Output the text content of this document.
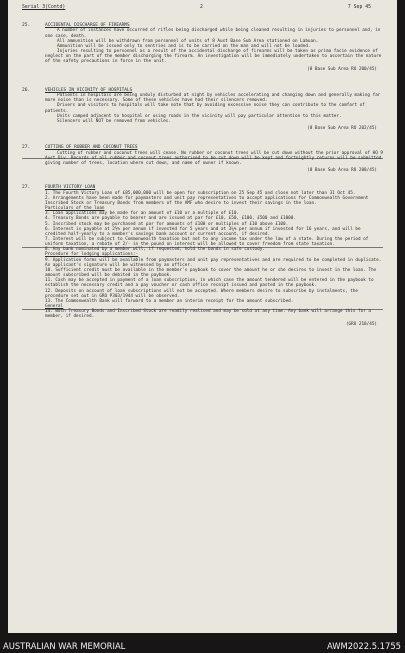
Serial 3(Contd)	2	7 Sep 45
25.	ACCIDENTAL DISCHARGE OF FIREARMS
A number of instances have occurred of rifles being discharged while being cleaned resulting in injuries to personnel and, in one case, death.
All ammunition will be withdrawn from personnel of units of 8 Aust Base Sub Area stationed on Labuan.
Ammunition will be issued only to sentries and is to be carried on the man and will not be loaded.
Injuries resulting to personnel as a result of the accidental discharge of firearms will be taken as prima facie evidence of neglect on the part of the member discharging the firearm. An investigation will be immediately undertaken to ascertain the nature of the safety precautions in force in the unit.
(8 Base Sub Area RO 200/45)
26.	VEHICLES IN VICINITY OF HOSPITALS
Patients in hospitals are being unduly disturbed at night by vehicles accelerating and changing down and generally making far more noise than is necessary. Some of these vehicles have had their silencers removed.
Drivers and visitors to hospitals will take note that by avoiding excessive noise they can contribute to the comfort of patients.
Units camped adjacent to hospital or using roads in the vicinity will pay particular attention to this matter.
Silencers will NOT be removed from vehicles.
(8 Base Sub Area RO 202/45)
27.	CUTTING OF RUBBER AND COCONUT TREES
Cutting of rubber and coconut trees will cease. No rubber or coconut trees will be cut down without the prior approval of HQ 9 Aust Div. Records of all rubber and coconut trees authorised to be cut down will be kept and fortnightly returns will be submitted giving number of trees, location where cut down, and name of owner if known.
(8 Base Sub Area RO 208/45)
27.	FOURTH VICTORY LOAN
1. The Fourth Victory Loan of £85,000,000 will be open for subscription on 25 Sep 45 and close not later than 31 Oct 45.
2. Arrangements have been made for paymasters and unit pay representatives to accept applications for Commonwealth Government Inscribed Stock or Treasury Bonds from members of the AMF who desire to invest their savings in the loan.
Particulars of the loan
3. Loan applications may be made for an amount of £10 or a multiple of £10.
4. Treasury Bonds are payable to bearer and are issued at par for £10, £50, £100, £500 and £1000.
5. Inscribed stock may be purchased at par for amounts of £100 or multiples of £10 above £100.
6. Interest is payable at 2½% per annum if invested for 5 years and at 3¼% per annum if invested for 16 years, and will be credited half-yearly to a member's savings bank account or current account, if desired.
7. Interest will be subject to Commonwealth taxation but not to any income tax under the law of a state. During the period of uniform taxation, a rebate of 2/- in the pound on interest will be allowed to cover freedom from state taxation.
8. Any bank nominated by a member will, if requested, hold the bonds in safe custody.
Procedure for lodging applications:-
9. Application forms will be available from paymasters and unit pay representatives and are required to be completed in duplicate. An applicant's signature will be witnessed by an officer.
10. Sufficient credit must be available in the member's paybook to cover the amount he or she desires to invest in the loan. The amount subscribed will be debited in the paybook.
11. Cash may be accepted in payment of a loan subscription, in which case the amount tendered will be entered in the paybook to establish the necessary credit and a pay voucher or cash office receipt issued and pasted in the paybook.
12. Deposits on account of loan subscriptions will not be accepted. Where members desire to subscribe by instalments, the procedure set out in GRO P303/1944 will be observed.
13. The Commonwealth Bank will forward to a member an interim receipt for the amount subscribed.
General
14. Both Treasury Bonds and Inscribed Stock are readily realised and may be sold at any time. Any bank will arrange this for a member, if desired.
(GRO 218/45)
AUSTRALIAN WAR MEMORIAL	AWM2022.5.1755
